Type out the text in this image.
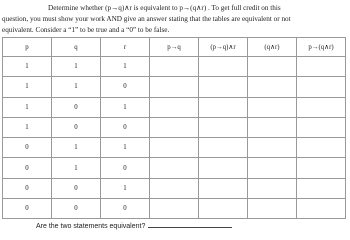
Determine whether (p→q)∧r is equivalent to p→(q∧r) . To get full credit on this

question, you must show your work AND give an answer stating that the tables are equivalent or not

equivalent. Consider a “1” to be true and a “0” to be false.

p	q	r	p→q	(p→q)∧r	(q∧r)	p→(q∧r)
1	1	1				
1	1	0				
1	0	1				
1	0	0				
0	1	1				
0	1	0				
0	0	1				
0	0	0				
Are the two statements equivalent?
